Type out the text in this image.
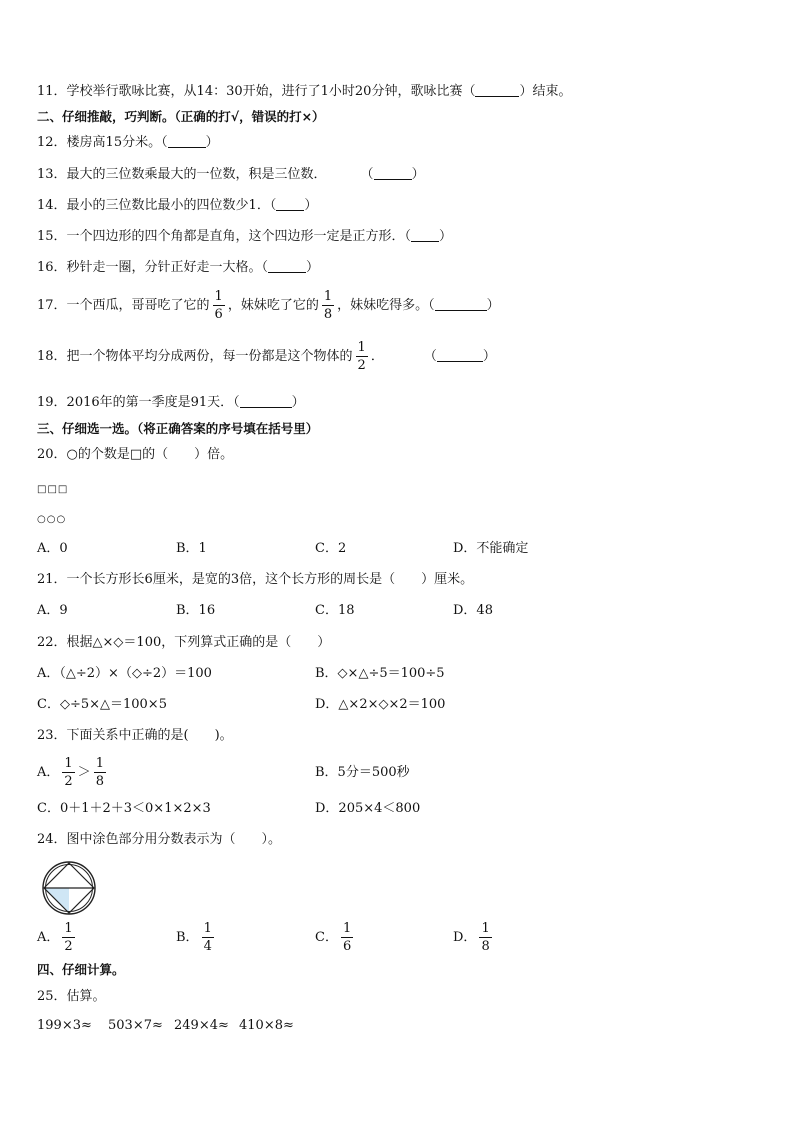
11．学校举行歌咏比赛，从14：30开始，进行了1小时20分钟，歌咏比赛（	）结束。
二、仔细推敲，巧判断。（正确的打√，错误的打×）
12．楼房高15分米。（	）
13．最大的三位数乘最大的一位数，积是三位数．	（	）
14．最小的三位数比最小的四位数少1．（ ）
15．一个四边形的四个角都是直角，这个四边形一定是正方形．（ ）
16．秒针走一圈，分针正好走一大格。（	）
17．一个西瓜，哥哥吃了它的 $\frac{1}{6}$ ，妹妹吃了它的 $\frac{1}{8}$ ，妹妹吃得多。（	）
18．把一个物体平均分成两份，每一份都是这个物体的 $\frac{1}{2}$ ．	（	）
19．2016年的第一季度是91天．（	）
三、仔细选一选。（将正确答案的序号填在括号里）
20．○的个数是□的（　　）倍。
□□□
○○○
A．0	B．1	C．2	D．不能确定
21．一个长方形长6厘米，是宽的3倍，这个长方形的周长是（　　）厘米。
A．9	B．16	C．18	D．48
22．根据△×◇＝100，下列算式正确的是（　　）
A．（△÷2）×（◇÷2）＝100	B．◇×△÷5＝100÷5
C．◇÷5×△＝100×5	D．△×2×◇×2＝100
23．下面关系中正确的是(　　)。
A． $\frac{1}{2} > \frac{1}{8}$	B．5分＝500秒
C．0＋1＋2＋3＜0×1×2×3	D．205×4＜800
24．图中涂色部分用分数表示为（　　）。
A． $\frac{1}{2}$	B． $\frac{1}{4}$	C． $\frac{1}{6}$	D． $\frac{1}{8}$
四、仔细计算。
25．估算。
199×3≈ 503×7≈ 249×4≈ 410×8≈
